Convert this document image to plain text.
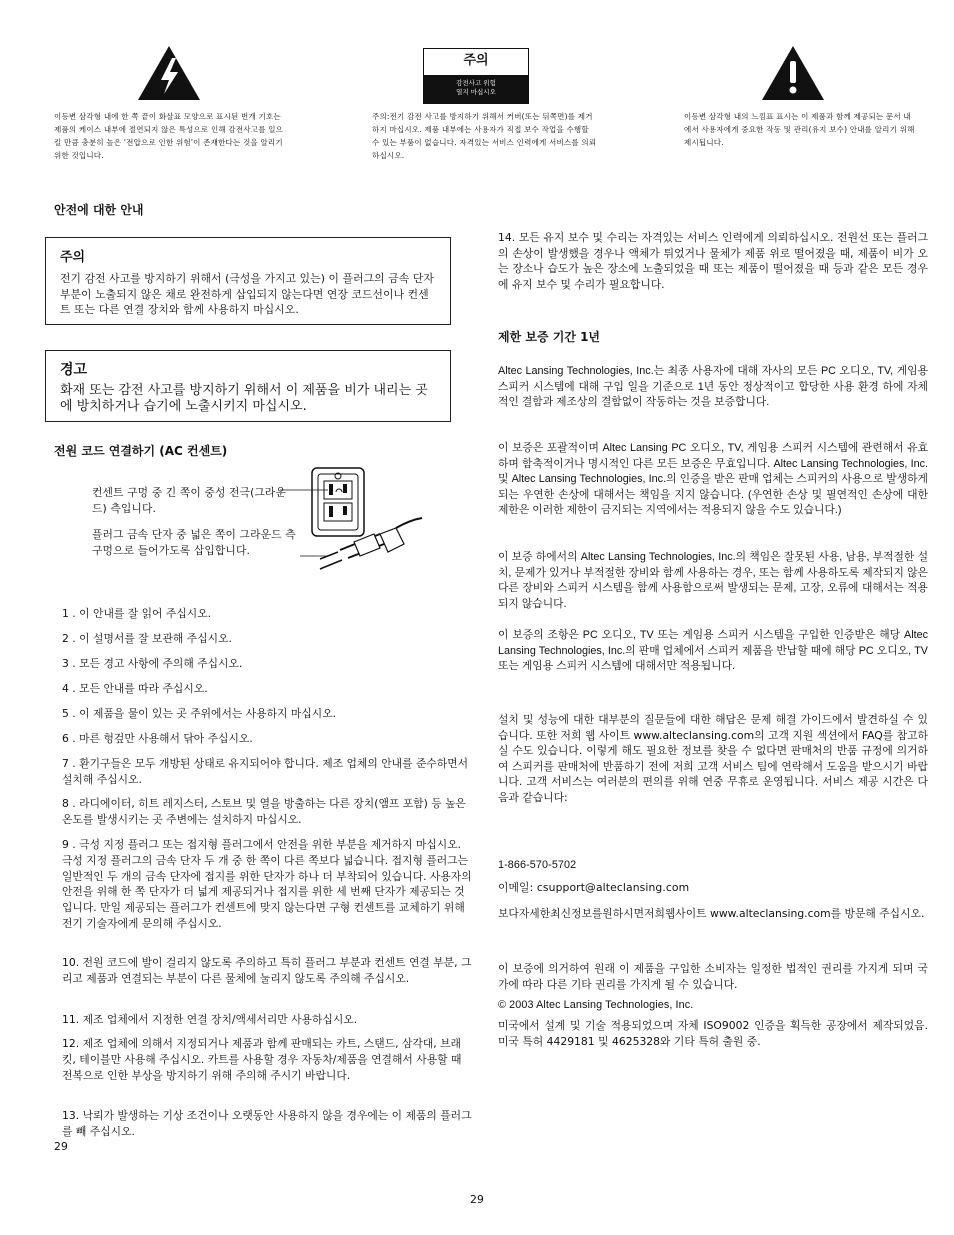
이등변 삼각형 내에 한 쪽 끝이 화살표 모양으로 표시된 번개 기호는 제품의 케이스 내부에 절연되지 않은 특성으로 인해 감전사고를 일으킬 만큼 충분히 높은 '전압으로 인한 위험'이 존재한다는 것을 알리기 위한 것입니다.
주의
감전사고 위험
열지 마십시오
주의:전기 감전 사고를 방지하기 위해서 커버(또는 뒤쪽면)를 제거하지 마십시오. 제품 내부에는 사용자가 직접 보수 작업을 수행할 수 있는 부품이 없습니다. 자격있는 서비스 인력에게 서비스를 의뢰하십시오.
이등변 삼각형 내의 느낌표 표시는 이 제품과 함께 제공되는 문서 내에서 사용자에게 중요한 작동 및 관리(유지 보수) 안내를 알리기 위해 제시됩니다.
안전에 대한 안내
주의
전기 감전 사고를 방지하기 위해서 (극성을 가지고 있는) 이 플러그의 금속 단자 부분이 노출되지 않은 채로 완전하게 삽입되지 않는다면 연장 코드선이나 컨센트 또는 다른 연결 장치와 함께 사용하지 마십시오.
경고
화재 또는 감전 사고를 방지하기 위해서 이 제품을 비가 내리는 곳에 방치하거나 습기에 노출시키지 마십시오.
전원 코드 연결하기 (AC 컨센트)
컨센트 구멍 중 긴 쪽이 중성 전극(그라운드) 측입니다.
플러그 금속 단자 중 넓은 쪽이 그라운드 측 구멍으로 들어가도록 삽입합니다.
1 . 이 안내를 잘 읽어 주십시오.
2 . 이 설명서를 잘 보관해 주십시오.
3 . 모든 경고 사항에 주의해 주십시오.
4 . 모든 안내를 따라 주십시오.
5 . 이 제품을 물이 있는 곳 주위에서는 사용하지 마십시오.
6 . 마른 헝겊만 사용해서 닦아 주십시오.
7 . 환기구들은 모두 개방된 상태로 유지되어야 합니다. 제조 업체의 안내를 준수하면서 설치해 주십시오.
8 . 라디에이터, 히트 레지스터, 스토브 및 열을 방출하는 다른 장치(앰프 포함) 등 높은 온도를 발생시키는 곳 주변에는 설치하지 마십시오.
9 . 극성 지정 플러그 또는 접지형 플러그에서 안전을 위한 부분을 제거하지 마십시오. 극성 지정 플러그의 금속 단자 두 개 중 한 쪽이 다른 쪽보다 넓습니다. 접지형 플러그는 일반적인 두 개의 금속 단자에 접지를 위한 단자가 하나 더 부착되어 있습니다. 사용자의 안전을 위해 한 쪽 단자가 더 넓게 제공되거나 접지를 위한 세 번째 단자가 제공되는 것입니다. 만일 제공되는 플러그가 컨센트에 맞지 않는다면 구형 컨센트를 교체하기 위해 전기 기술자에게 문의해 주십시오.
10. 전원 코드에 발이 걸리지 않도록 주의하고 특히 플러그 부분과 컨센트 연결 부분, 그리고 제품과 연결되는 부분이 다른 물체에 눌리지 않도록 주의해 주십시오.
11. 제조 업체에서 지정한 연결 장치/액세서리만 사용하십시오.
12. 제조 업체에 의해서 지정되거나 제품과 함께 판매되는 카트, 스탠드, 삼각대, 브래킷, 테이블만 사용해 주십시오. 카트를 사용할 경우 자동차/제품을 연결해서 사용할 때 전복으로 인한 부상을 방지하기 위해 주의해 주시기 바랍니다.
13. 낙뢰가 발생하는 기상 조건이나 오랫동안 사용하지 않을 경우에는 이 제품의 플러그를 빼 주십시오.
29
14. 모든 유지 보수 및 수리는 자격있는 서비스 인력에게 의뢰하십시오. 전원선 또는 플러그의 손상이 발생했을 경우나 액체가 튀었거나 물체가 제품 위로 떨어졌을 때, 제품이 비가 오는 장소나 습도가 높은 장소에 노출되었을 때 또는 제품이 떨어졌을 때 등과 같은 모든 경우에 유지 보수 및 수리가 필요합니다.
제한 보증 기간 1년
Altec Lansing Technologies, Inc.는 최종 사용자에 대해 자사의 모든 PC 오디오, TV, 게임용 스피커 시스템에 대해 구입 일을 기준으로 1년 동안 정상적이고 합당한 사용 환경 하에 자체적인 결함과 제조상의 결함없이 작동하는 것을 보증합니다.
이 보증은 포괄적이며 Altec Lansing PC 오디오, TV, 게임용 스피커 시스템에 관련해서 유효하며 함축적이거나 명시적인 다른 모든 보증은 무효입니다. Altec Lansing Technologies, Inc. 및 Altec Lansing Technologies, Inc.의 인증을 받은 판매 업체는 스피커의 사용으로 발생하게 되는 우연한 손상에 대해서는 책임을 지지 않습니다. (우연한 손상 및 필연적인 손상에 대한 제한은 이러한 제한이 금지되는 지역에서는 적용되지 않을 수도 있습니다.)
이 보증 하에서의 Altec Lansing Technologies, Inc.의 책임은 잘못된 사용, 남용, 부적절한 설치, 문제가 있거나 부적절한 장비와 함께 사용하는 경우, 또는 함께 사용하도록 제작되지 않은 다른 장비와 스피커 시스템을 함께 사용함으로써 발생되는 문제, 고장, 오류에 대해서는 적용되지 않습니다.
이 보증의 조항은 PC 오디오, TV 또는 게임용 스피커 시스템을 구입한 인증받은 해당 Altec Lansing Technologies, Inc.의 판매 업체에서 스피커 제품을 반납할 때에 해당 PC 오디오, TV 또는 게임용 스피커 시스템에 대해서만 적용됩니다.
설치 및 성능에 대한 대부분의 질문들에 대한 해답은 문제 해결 가이드에서 발견하실 수 있습니다. 또한 저희 웹 사이트 www.alteclansing.com의 고객 지원 섹션에서 FAQ를 참고하실 수도 있습니다. 이렇게 해도 필요한 정보를 찾을 수 없다면 판매처의 반품 규정에 의거하여 스피커를 판매처에 반품하기 전에 저희 고객 서비스 팀에 연락해서 도움을 받으시기 바랍니다. 고객 서비스는 여러분의 편의를 위해 연중 무휴로 운영됩니다. 서비스 제공 시간은 다음과 같습니다:
1-866-570-5702
이메일: csupport@alteclansing.com
보다자세한최신정보를원하시면저희웹사이트 www.alteclansing.com를 방문해 주십시오.
이 보증에 의거하여 원래 이 제품을 구입한 소비자는 일정한 법적인 권리를 가지게 되며 국가에 따라 다른 기타 권리를 가지게 될 수 있습니다.
© 2003 Altec Lansing Technologies, Inc.
미국에서 설계 및 기술 적용되었으며 자체 ISO9002 인증을 획득한 공장에서 제작되었음. 미국 특허 4429181 및 4625328와 기타 특허 출원 중.
29
